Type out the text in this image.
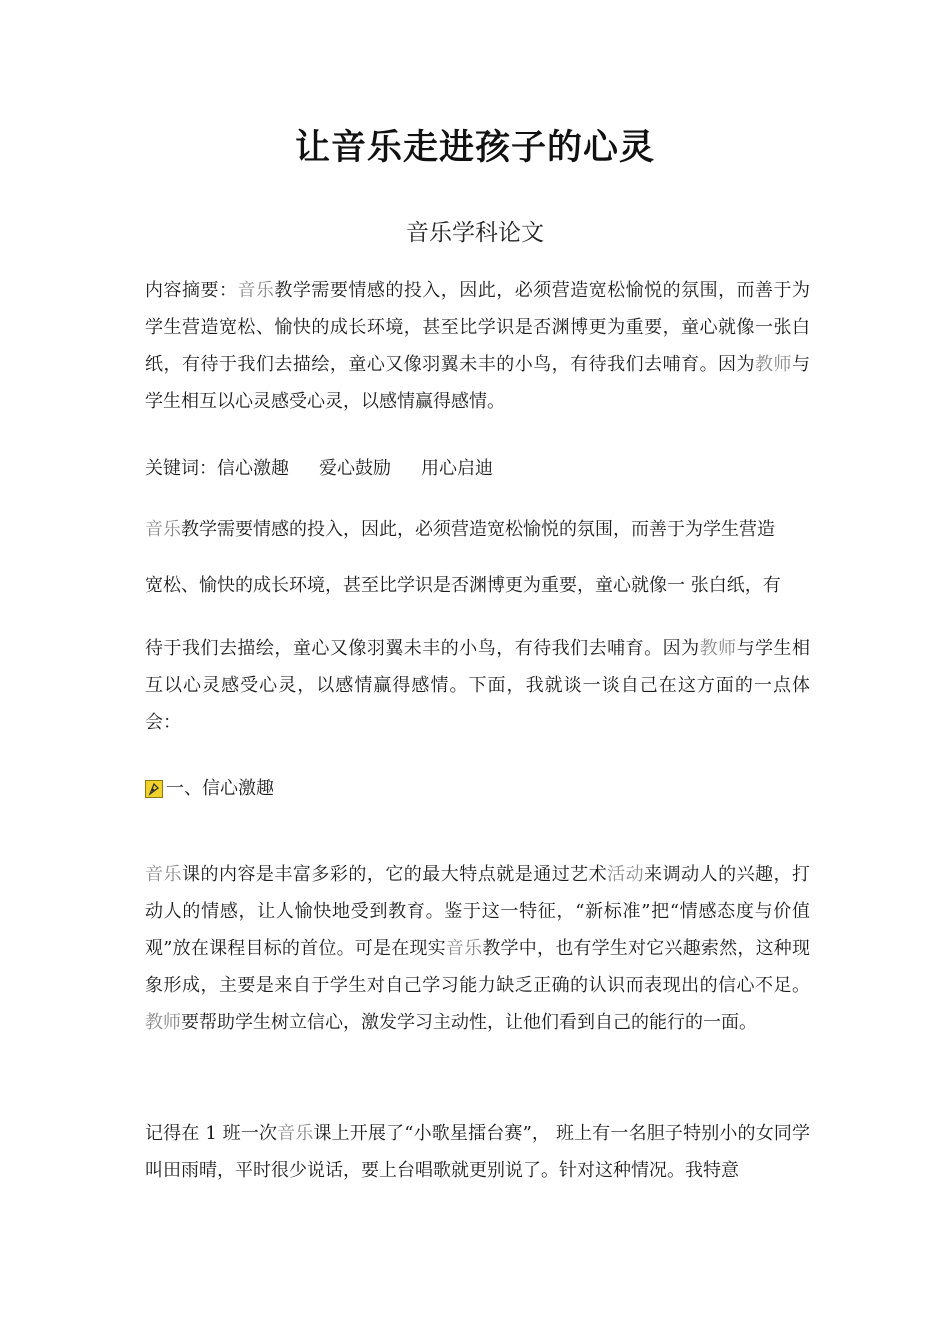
让音乐走进孩子的心灵
音乐学科论文
内容摘要：音乐教学需要情感的投入，因此，必须营造宽松愉悦的氛围，而善于为学生营造宽松、愉快的成长环境，甚至比学识是否渊博更为重要，童心就像一张白纸，有待于我们去描绘，童心又像羽翼未丰的小鸟，有待我们去哺育。因为教师与学生相互以心灵感受心灵，以感情赢得感情。
关键词：信心激趣 爱心鼓励 用心启迪
音乐教学需要情感的投入，因此，必须营造宽松愉悦的氛围，而善于为学生营造
宽松、愉快的成长环境，甚至比学识是否渊博更为重要，童心就像一 张白纸，有
待于我们去描绘，童心又像羽翼未丰的小鸟，有待我们去哺育。因为教师与学生相互以心灵感受心灵，以感情赢得感情。下面，我就谈一谈自己在这方面的一点体会：
一、信心激趣
音乐课的内容是丰富多彩的，它的最大特点就是通过艺术活动来调动人的兴趣，打动人的情感，让人愉快地受到教育。鉴于这一特征，“新标准”把“情感态度与价值观”放在课程目标的首位。可是在现实音乐教学中，也有学生对它兴趣索然，这种现象形成，主要是来自于学生对自己学习能力缺乏正确的认识而表现出的信心不足。教师要帮助学生树立信心，激发学习主动性，让他们看到自己的能行的一面。
记得在 1 班一次音乐课上开展了“小歌星擂台赛”， 班上有一名胆子特别小的女同学叫田雨晴，平时很少说话，要上台唱歌就更别说了。针对这种情况。我特意
